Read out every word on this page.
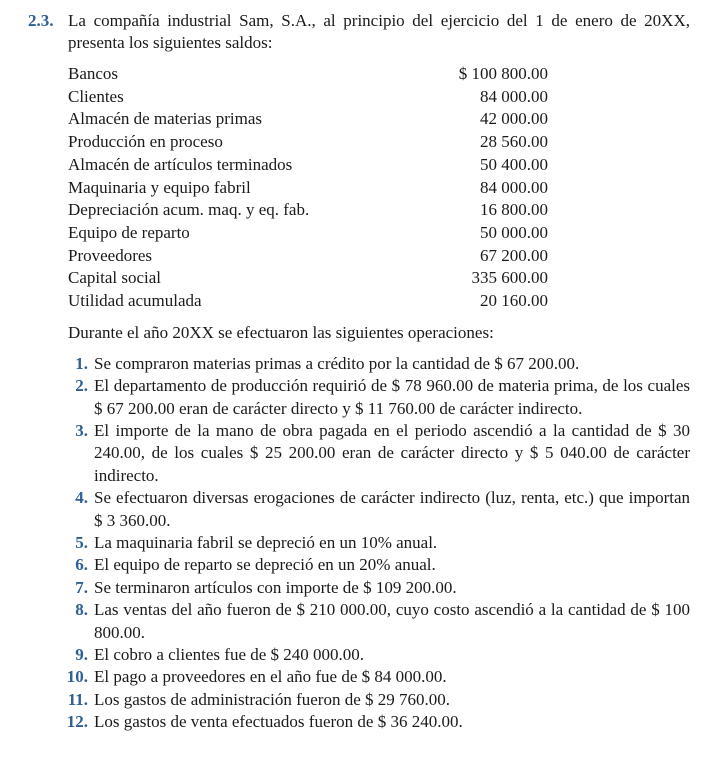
2.3. La compañía industrial Sam, S.A., al principio del ejercicio del 1 de enero de 20XX, presenta los siguientes saldos:
Bancos	$ 100 800.00
Clientes	84 000.00
Almacén de materias primas	42 000.00
Producción en proceso	28 560.00
Almacén de artículos terminados	50 400.00
Maquinaria y equipo fabril	84 000.00
Depreciación acum. maq. y eq. fab.	16 800.00
Equipo de reparto	50 000.00
Proveedores	67 200.00
Capital social	335 600.00
Utilidad acumulada	20 160.00
Durante el año 20XX se efectuaron las siguientes operaciones:
1. Se compraron materias primas a crédito por la cantidad de $ 67 200.00.
2. El departamento de producción requirió de $ 78 960.00 de materia prima, de los cuales $ 67 200.00 eran de carácter directo y $ 11 760.00 de carácter indirecto.
3. El importe de la mano de obra pagada en el periodo ascendió a la cantidad de $ 30 240.00, de los cuales $ 25 200.00 eran de carácter directo y $ 5 040.00 de carácter indirecto.
4. Se efectuaron diversas erogaciones de carácter indirecto (luz, renta, etc.) que importan $ 3 360.00.
5. La maquinaria fabril se depreció en un 10% anual.
6. El equipo de reparto se depreció en un 20% anual.
7. Se terminaron artículos con importe de $ 109 200.00.
8. Las ventas del año fueron de $ 210 000.00, cuyo costo ascendió a la cantidad de $ 100 800.00.
9. El cobro a clientes fue de $ 240 000.00.
10. El pago a proveedores en el año fue de $ 84 000.00.
11. Los gastos de administración fueron de $ 29 760.00.
12. Los gastos de venta efectuados fueron de $ 36 240.00.
